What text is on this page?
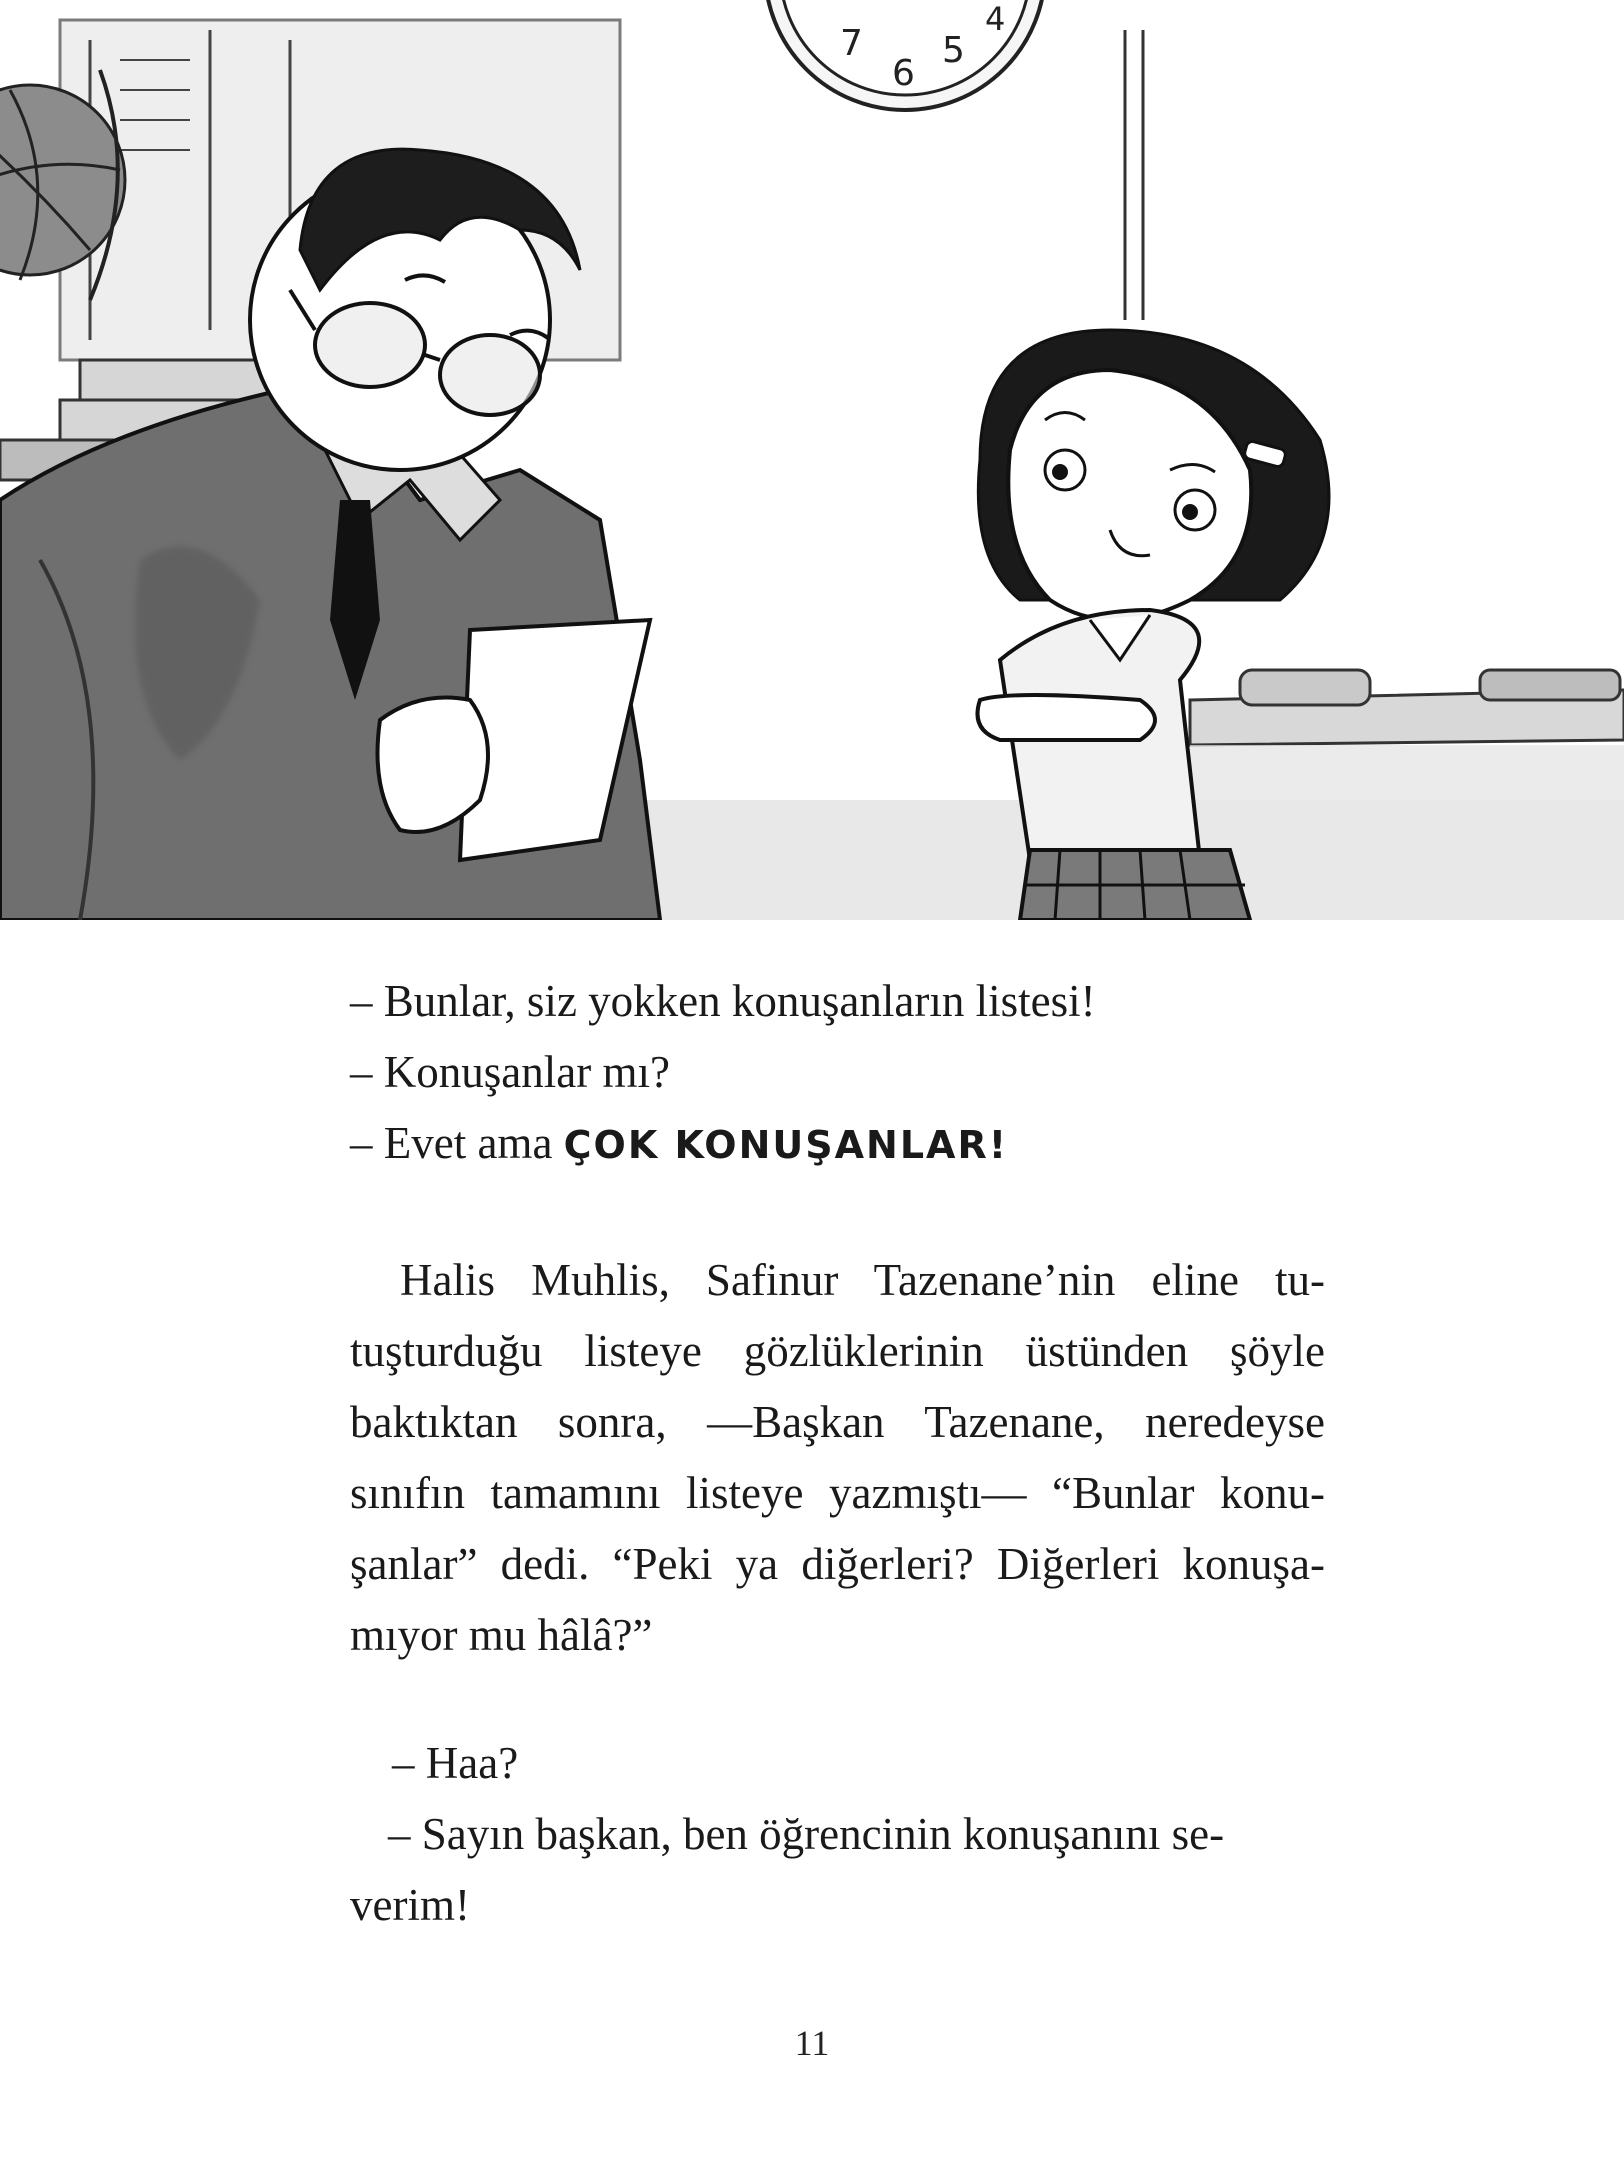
7
6
5
4
– Bunlar, siz yokken konuşanların listesi!
– Konuşanlar mı?
– Evet ama ÇOK KONUŞANLAR!
Halis Muhlis, Safinur Tazenane’nin eline tu-
tuşturduğu listeye gözlüklerinin üstünden şöyle
baktıktan sonra, —Başkan Tazenane, neredeyse
sınıfın tamamını listeye yazmıştı— “Bunlar konu-
şanlar” dedi. “Peki ya diğerleri? Diğerleri konuşa-
mıyor mu hâlâ?”
– Haa?
– Sayın başkan, ben öğrencinin konuşanını se-
verim!
11
